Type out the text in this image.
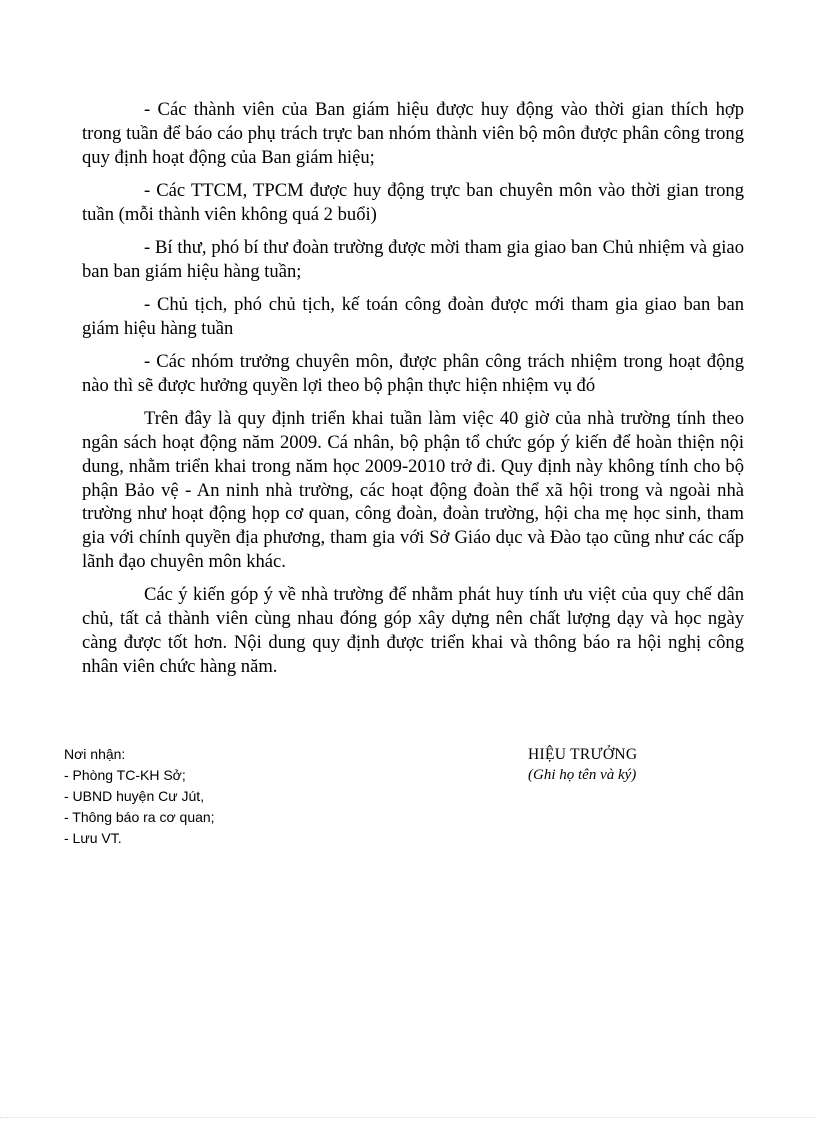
- Các thành viên của Ban giám hiệu được huy động vào thời gian thích hợp trong tuần để báo cáo phụ trách trực ban nhóm thành viên bộ môn được phân công trong quy định hoạt động của Ban giám hiệu;

- Các TTCM, TPCM được huy động trực ban chuyên môn vào thời gian trong tuần (mỗi thành viên không quá 2 buổi)

- Bí thư, phó bí thư đoàn trường được mời tham gia giao ban Chủ nhiệm và giao ban ban giám hiệu hàng tuần;

- Chủ tịch, phó chủ tịch, kế toán công đoàn được mới tham gia giao ban ban giám hiệu hàng tuần

- Các nhóm trưởng chuyên môn, được phân công trách nhiệm trong hoạt động nào thì sẽ được hưởng quyền lợi theo bộ phận thực hiện nhiệm vụ đó

Trên đây là quy định triển khai tuần làm việc 40 giờ của nhà trường tính theo ngân sách hoạt động năm 2009. Cá nhân, bộ phận tổ chức góp ý kiến để hoàn thiện nội dung, nhằm triển khai trong năm học 2009-2010 trở đi. Quy định này không tính cho bộ phận Bảo vệ - An ninh nhà trường, các hoạt động đoàn thể xã hội trong và ngoài nhà trường như hoạt động họp cơ quan, công đoàn, đoàn trường, hội cha mẹ học sinh, tham gia với chính quyền địa phương, tham gia với Sở Giáo dục và Đào tạo cũng như các cấp lãnh đạo chuyên môn khác.

Các ý kiến góp ý về nhà trường để nhằm phát huy tính ưu việt của quy chế dân chủ, tất cả thành viên cùng nhau đóng góp xây dựng nên chất lượng dạy và học ngày càng được tốt hơn. Nội dung quy định được triển khai và thông báo ra hội nghị công nhân viên chức hàng năm.

Nơi nhận:
- Phòng TC-KH Sở;
- UBND huyện Cư Jút,
- Thông báo ra cơ quan;
- Lưu VT.
HIỆU TRƯỞNG
(Ghi họ tên và ký)
